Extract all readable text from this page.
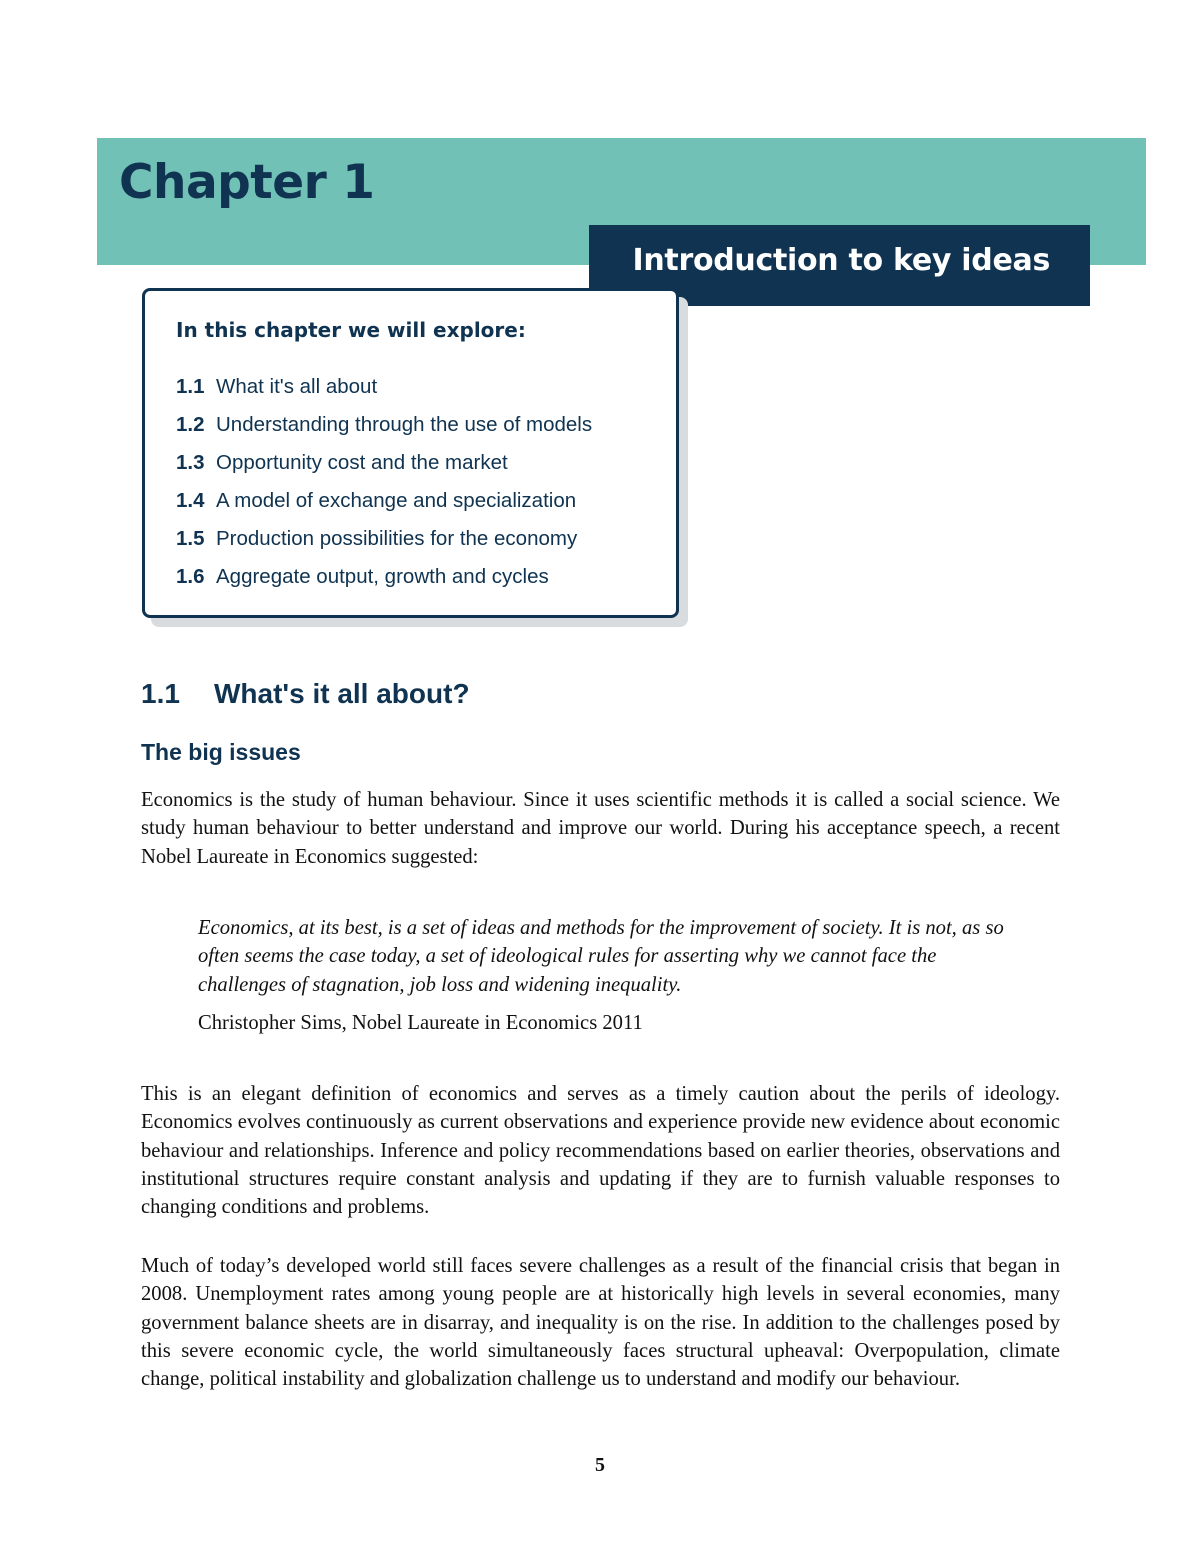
Chapter 1
Introduction to key ideas
In this chapter we will explore:
1.1 What it's all about
1.2 Understanding through the use of models
1.3 Opportunity cost and the market
1.4 A model of exchange and specialization
1.5 Production possibilities for the economy
1.6 Aggregate output, growth and cycles
1.1 What's it all about?
The big issues

Economics is the study of human behaviour. Since it uses scientific methods it is called a social science. We study human behaviour to better understand and improve our world. During his acceptance speech, a recent Nobel Laureate in Economics suggested:

Economics, at its best, is a set of ideas and methods for the improvement of society. It is not, as so often seems the case today, a set of ideological rules for asserting why we cannot face the challenges of stagnation, job loss and widening inequality.

Christopher Sims, Nobel Laureate in Economics 2011

This is an elegant definition of economics and serves as a timely caution about the perils of ideology. Economics evolves continuously as current observations and experience provide new evidence about economic behaviour and relationships. Inference and policy recommendations based on earlier theories, observations and institutional structures require constant analysis and updating if they are to furnish valuable responses to changing conditions and problems.

Much of today’s developed world still faces severe challenges as a result of the financial crisis that began in 2008. Unemployment rates among young people are at historically high levels in several economies, many government balance sheets are in disarray, and inequality is on the rise. In addition to the challenges posed by this severe economic cycle, the world simultaneously faces structural upheaval: Overpopulation, climate change, political instability and globalization challenge us to understand and modify our behaviour.

5
